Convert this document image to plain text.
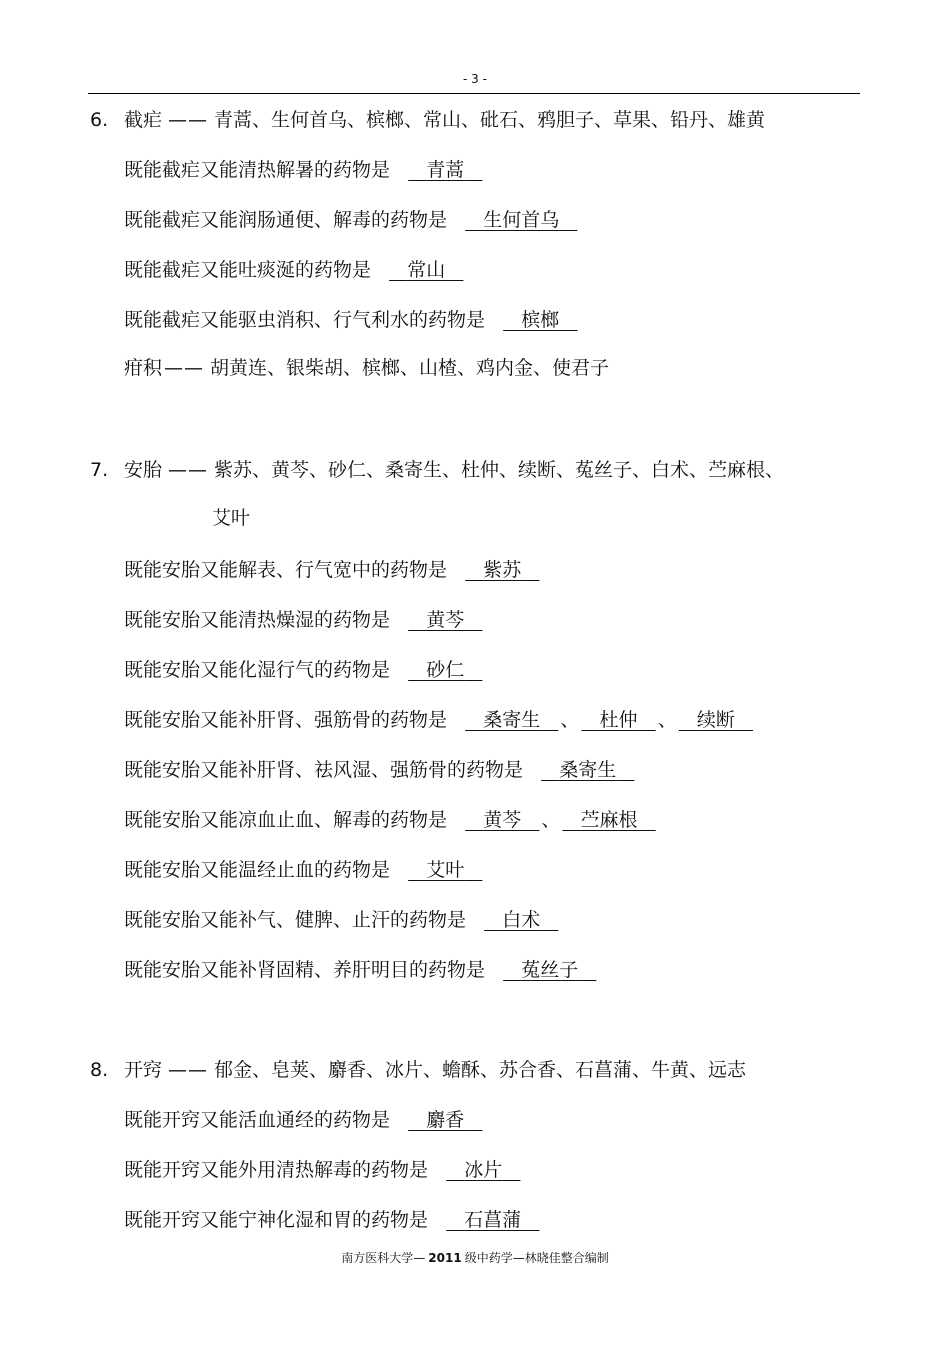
- 3 -
6. 截疟 —— 青蒿、生何首乌、槟榔、常山、砒石、鸦胆子、草果、铅丹、雄黄
既能截疟又能清热解暑的药物是 青蒿
既能截疟又能润肠通便、解毒的药物是 生何首乌
既能截疟又能吐痰涎的药物是 常山
既能截疟又能驱虫消积、行气利水的药物是 槟榔
疳积 —— 胡黄连、银柴胡、槟榔、山楂、鸡内金、使君子
7. 安胎 —— 紫苏、黄芩、砂仁、桑寄生、杜仲、续断、菟丝子、白术、苎麻根、
艾叶
既能安胎又能解表、行气宽中的药物是 紫苏
既能安胎又能清热燥湿的药物是 黄芩
既能安胎又能化湿行气的药物是 砂仁
既能安胎又能补肝肾、强筋骨的药物是 桑寄生 、 杜仲 、 续断
既能安胎又能补肝肾、祛风湿、强筋骨的药物是 桑寄生
既能安胎又能凉血止血、解毒的药物是 黄芩 、 苎麻根
既能安胎又能温经止血的药物是 艾叶
既能安胎又能补气、健脾、止汗的药物是 白术
既能安胎又能补肾固精、养肝明目的药物是 菟丝子
8. 开窍 —— 郁金、皂荚、麝香、冰片、蟾酥、苏合香、石菖蒲、牛黄、远志
既能开窍又能活血通经的药物是 麝香
既能开窍又能外用清热解毒的药物是 冰片
既能开窍又能宁神化湿和胃的药物是 石菖蒲
南方医科大学— 2011 级中药学—林晓佳整合编制
